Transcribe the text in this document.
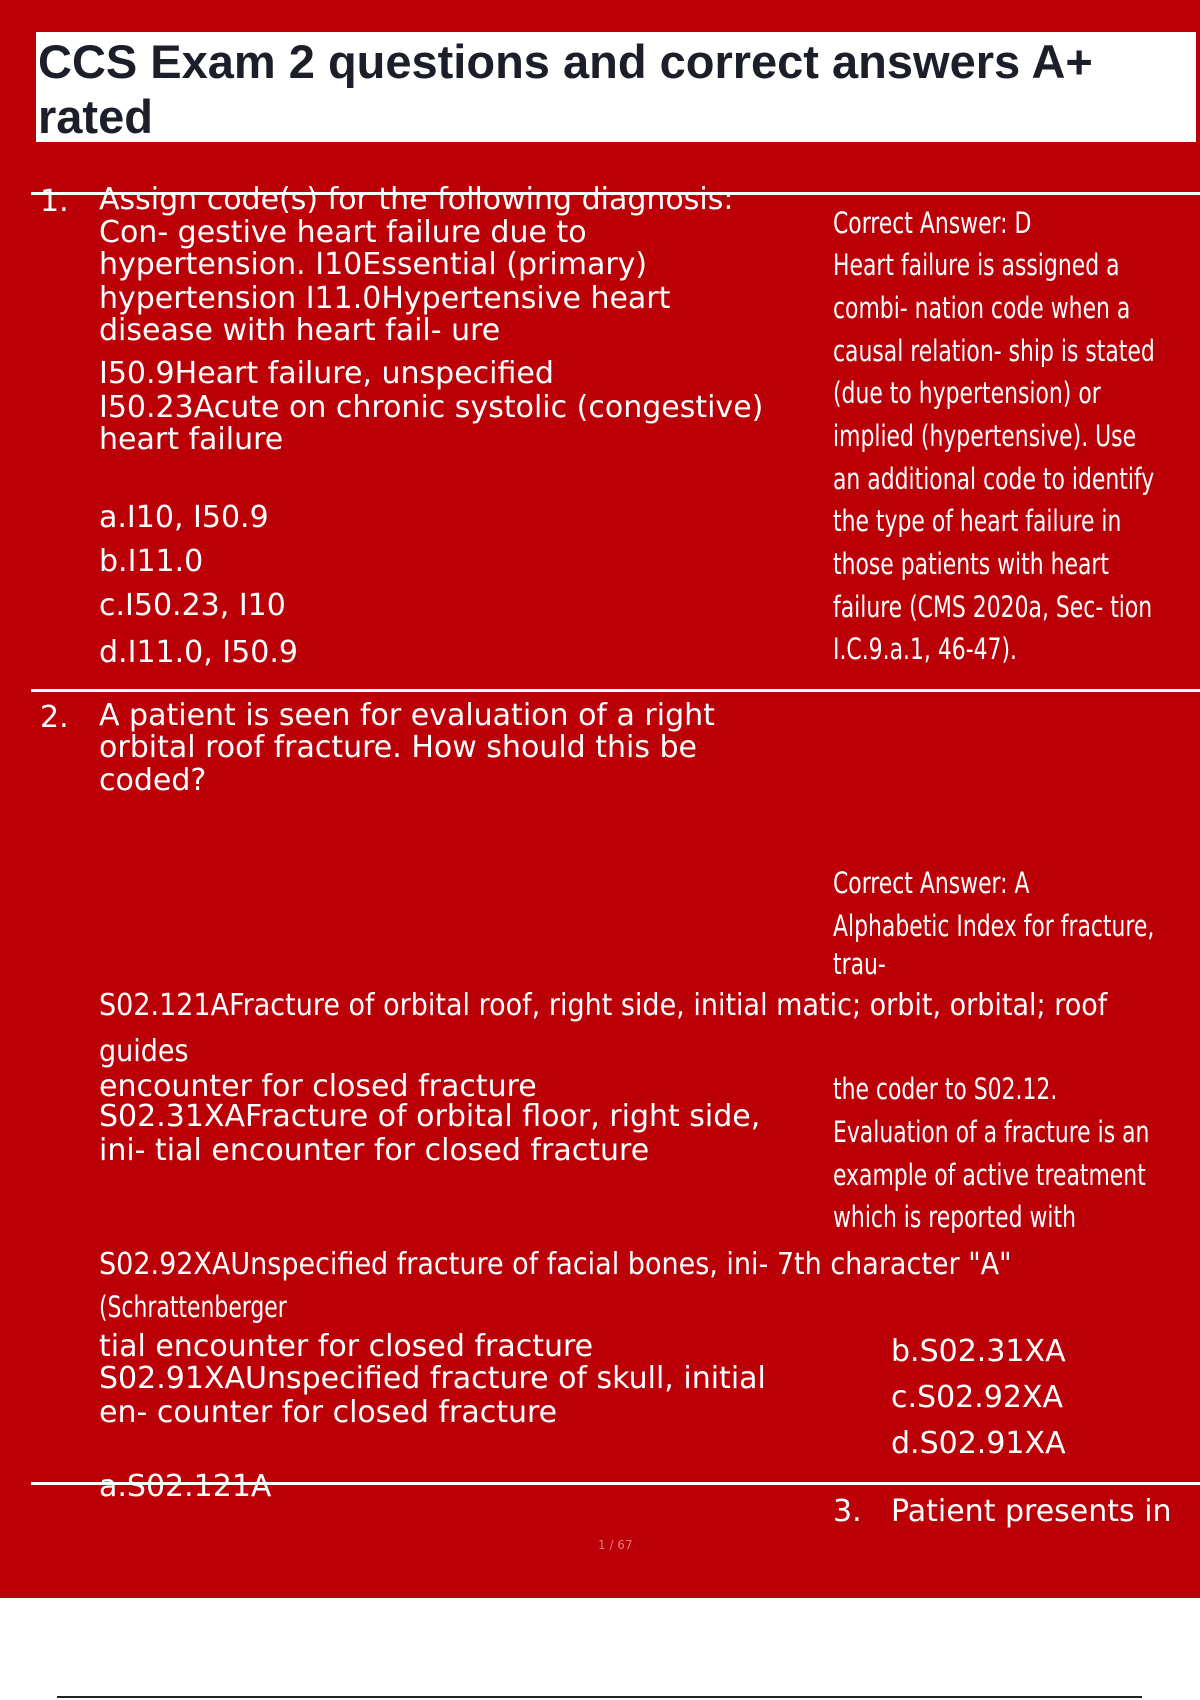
CCS Exam 2 questions and correct answers A+ rated
1. Assign code(s) for the following diagnosis:
Con- gestive heart failure due to
hypertension. I10Essential (primary)
hypertension I11.0Hypertensive heart
disease with heart fail- ure
I50.9Heart failure, unspecified
I50.23Acute on chronic systolic (congestive)
heart failure
a.I10, I50.9
b.I11.0
c.I50.23, I10
d.I11.0, I50.9
Correct Answer: D
Heart failure is assigned a
combi- nation code when a
causal relation- ship is stated
(due to hypertension) or
implied (hypertensive). Use
an additional code to identify
the type of heart failure in
those patients with heart
failure (CMS 2020a, Sec- tion
I.C.9.a.1, 46-47).
2. A patient is seen for evaluation of a right
orbital roof fracture. How should this be
coded?
Correct Answer: A
Alphabetic Index for fracture,
trau-
S02.121AFracture of orbital roof, right side, initial matic; orbit, orbital; roof
guides
encounter for closed fracture
S02.31XAFracture of orbital floor, right side,
ini- tial encounter for closed fracture
the coder to S02.12.
Evaluation of a fracture is an
example of active treatment
which is reported with
S02.92XAUnspecified fracture of facial bones, ini- 7th character "A"
(Schrattenberger
tial encounter for closed fracture
S02.91XAUnspecified fracture of skull, initial
en- counter for closed fracture
b.S02.31XA
c.S02.92XA
d.S02.91XA
a.S02.121A
3. Patient presents in
1 / 67
